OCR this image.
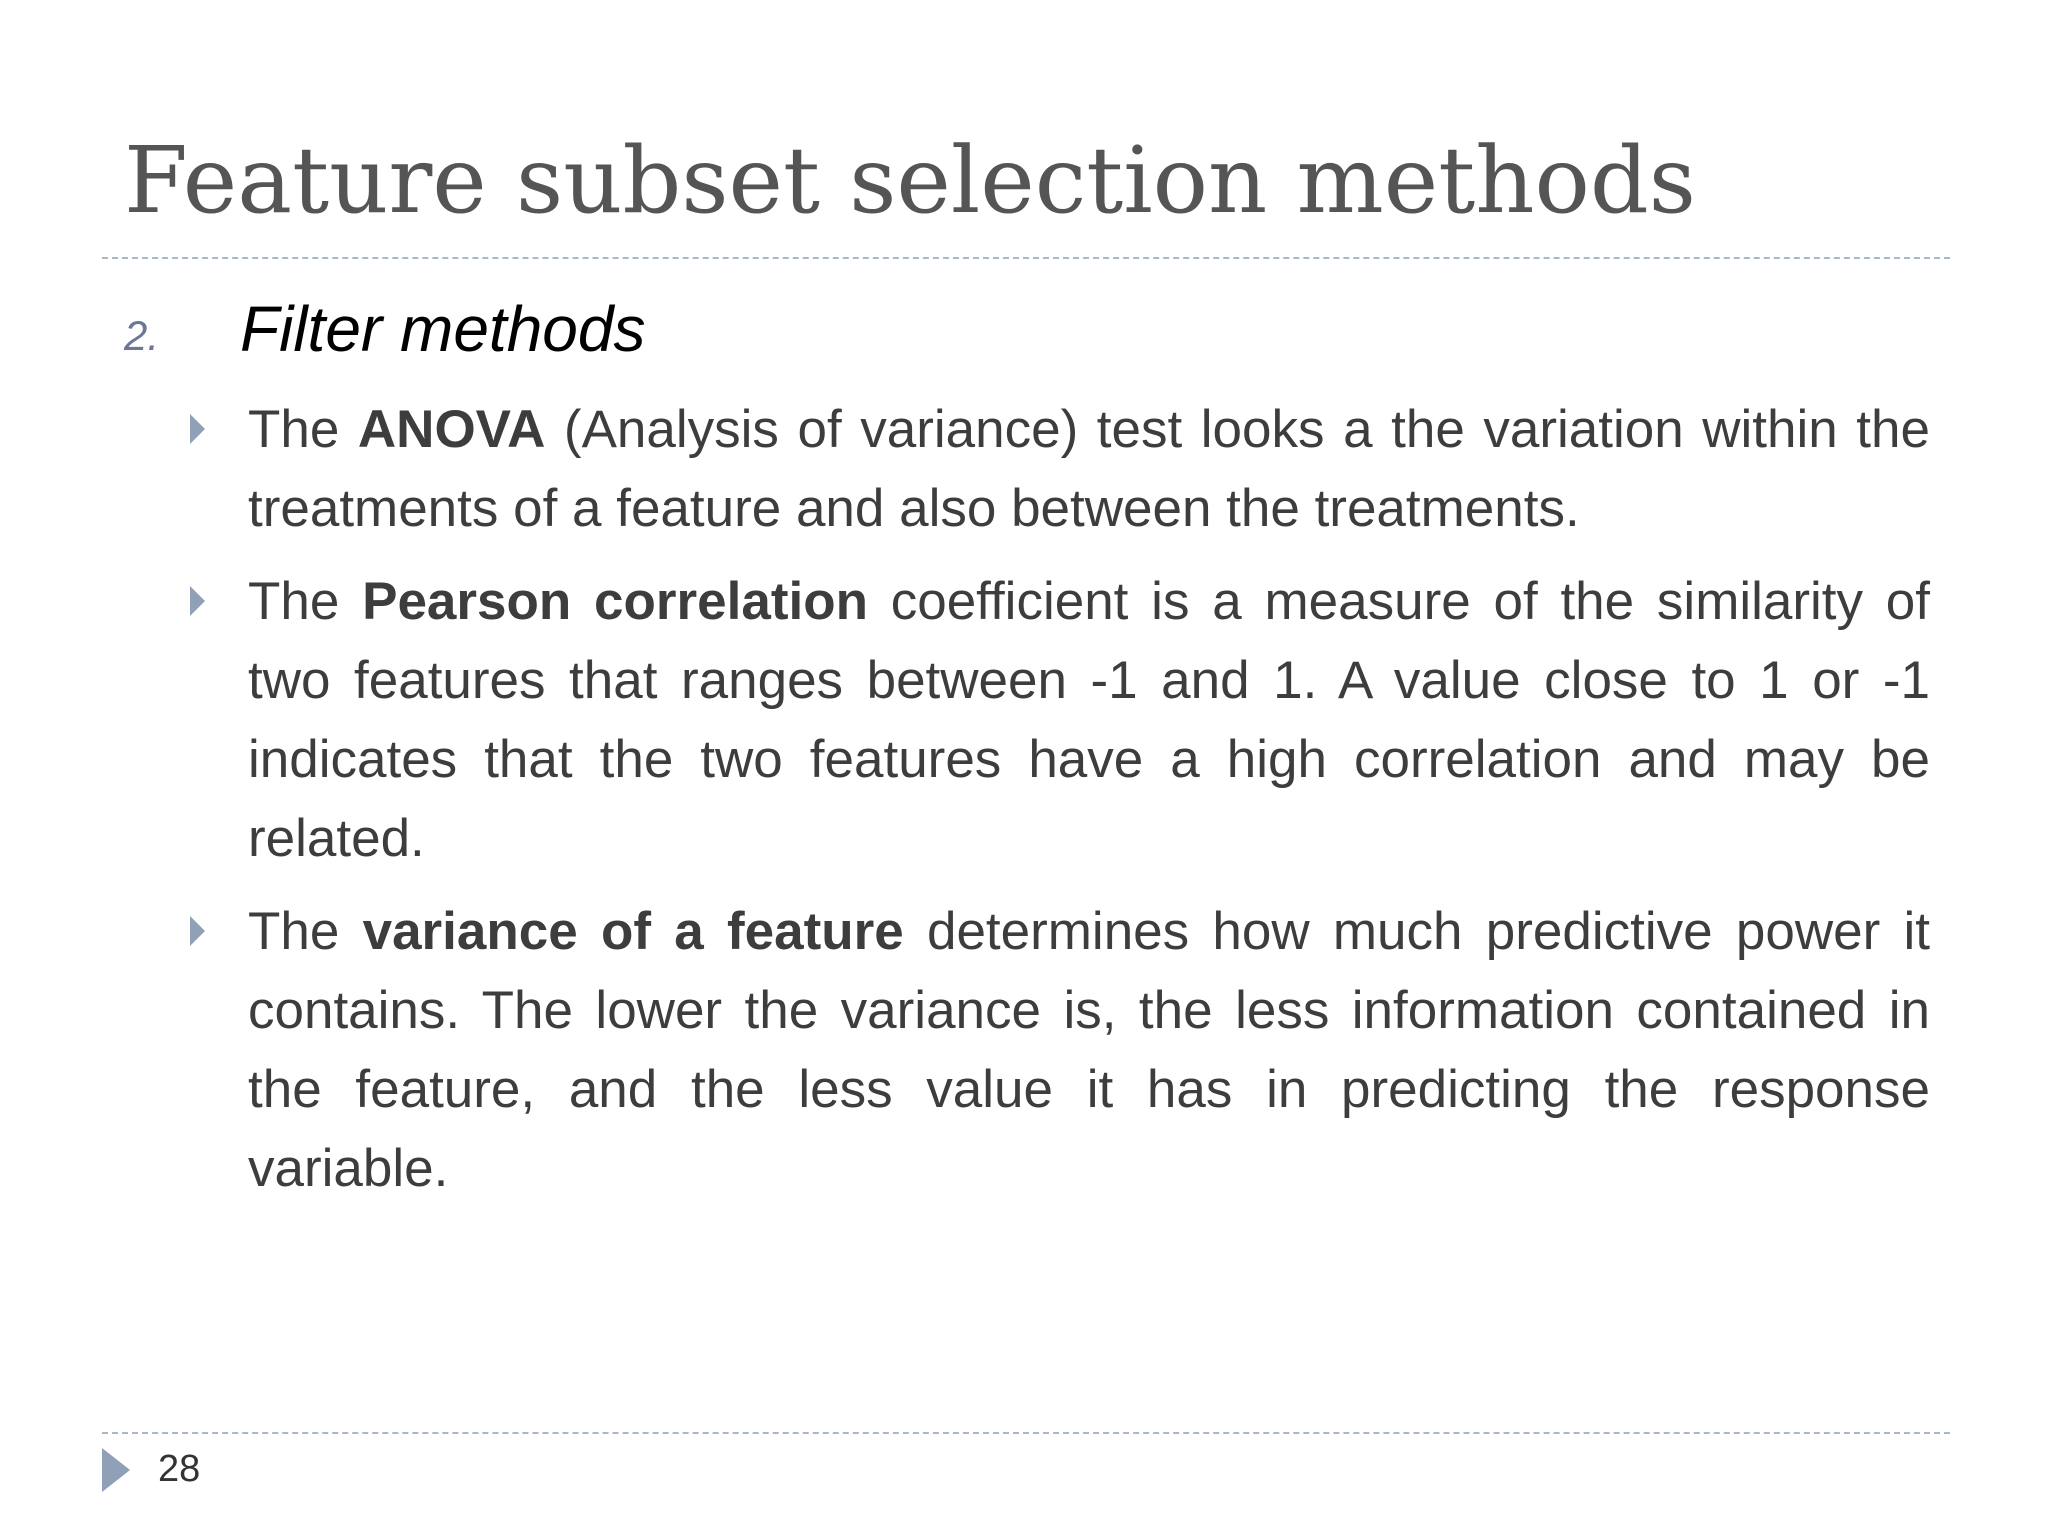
Feature subset selection methods
2. Filter methods

The ANOVA (Analysis of variance) test looks a the variation within the treatments of a feature and also between the treatments.

The Pearson correlation coefficient is a measure of the similarity of two features that ranges between -1 and 1. A value close to 1 or -1 indicates that the two features have a high correlation and may be related.

The variance of a feature determines how much predictive power it contains. The lower the variance is, the less information contained in the feature, and the less value it has in predicting the response variable.

28
